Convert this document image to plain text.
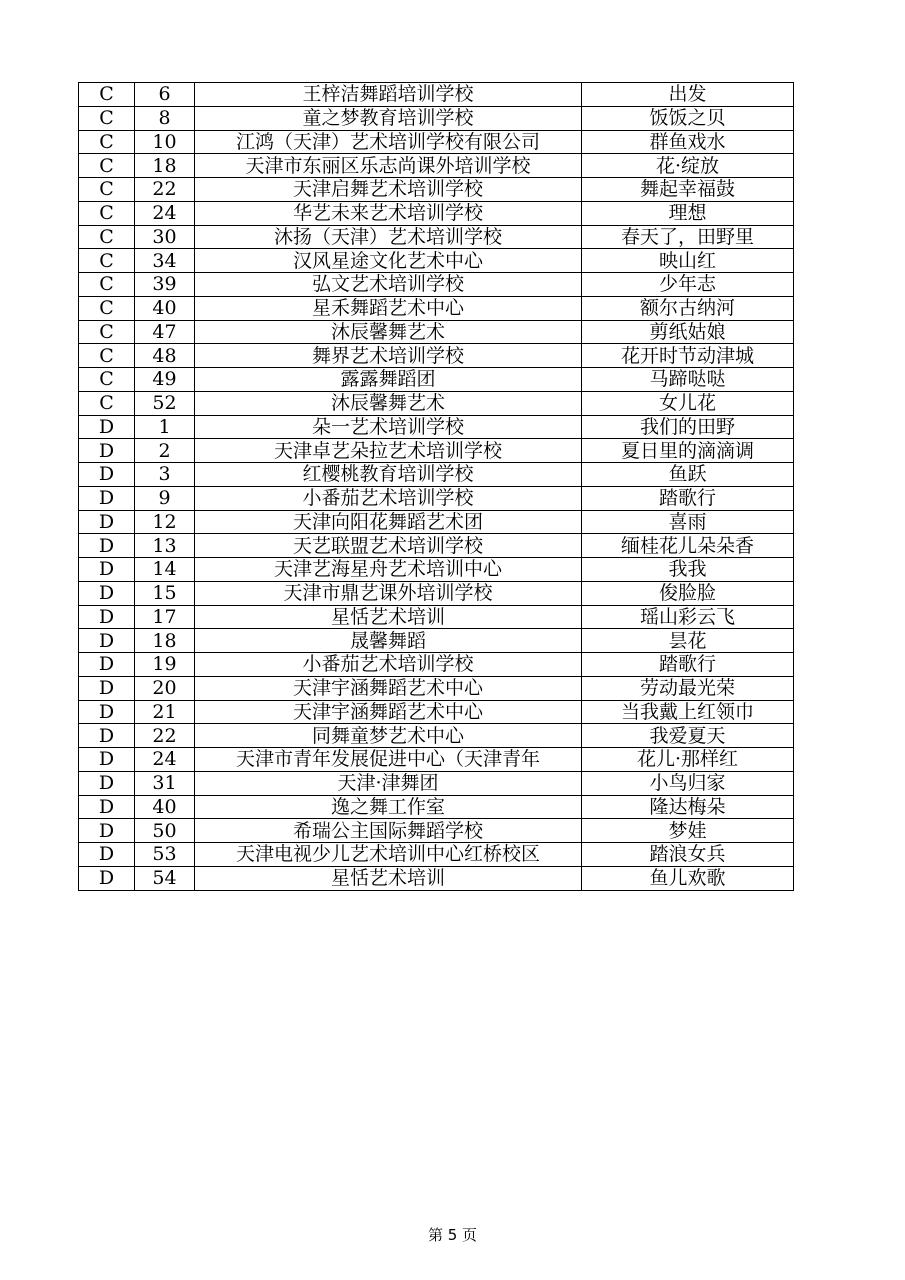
C	6	王梓洁舞蹈培训学校	出发
C	8	童之梦教育培训学校	饭饭之贝
C	10	江鸿（天津）艺术培训学校有限公司	群鱼戏水
C	18	天津市东丽区乐志尚课外培训学校	花·绽放
C	22	天津启舞艺术培训学校	舞起幸福鼓
C	24	华艺未来艺术培训学校	理想
C	30	沐扬（天津）艺术培训学校	春天了，田野里
C	34	汉风星途文化艺术中心	映山红
C	39	弘文艺术培训学校	少年志
C	40	星禾舞蹈艺术中心	额尔古纳河
C	47	沐辰馨舞艺术	剪纸姑娘
C	48	舞界艺术培训学校	花开时节动津城
C	49	露露舞蹈团	马蹄哒哒
C	52	沐辰馨舞艺术	女儿花
D	1	朵一艺术培训学校	我们的田野
D	2	天津卓艺朵拉艺术培训学校	夏日里的滴滴调
D	3	红樱桃教育培训学校	鱼跃
D	9	小番茄艺术培训学校	踏歌行
D	12	天津向阳花舞蹈艺术团	喜雨
D	13	天艺联盟艺术培训学校	缅桂花儿朵朵香
D	14	天津艺海星舟艺术培训中心	我我
D	15	天津市鼎艺课外培训学校	俊脸脸
D	17	星恬艺术培训	瑶山彩云飞
D	18	晟馨舞蹈	昙花
D	19	小番茄艺术培训学校	踏歌行
D	20	天津宇涵舞蹈艺术中心	劳动最光荣
D	21	天津宇涵舞蹈艺术中心	当我戴上红领巾
D	22	同舞童梦艺术中心	我爱夏天
D	24	天津市青年发展促进中心（天津青年	花儿·那样红
D	31	天津·津舞团	小鸟归家
D	40	逸之舞工作室	隆达梅朵
D	50	希瑞公主国际舞蹈学校	梦娃
D	53	天津电视少儿艺术培训中心红桥校区	踏浪女兵
D	54	星恬艺术培训	鱼儿欢歌
第 5 页
